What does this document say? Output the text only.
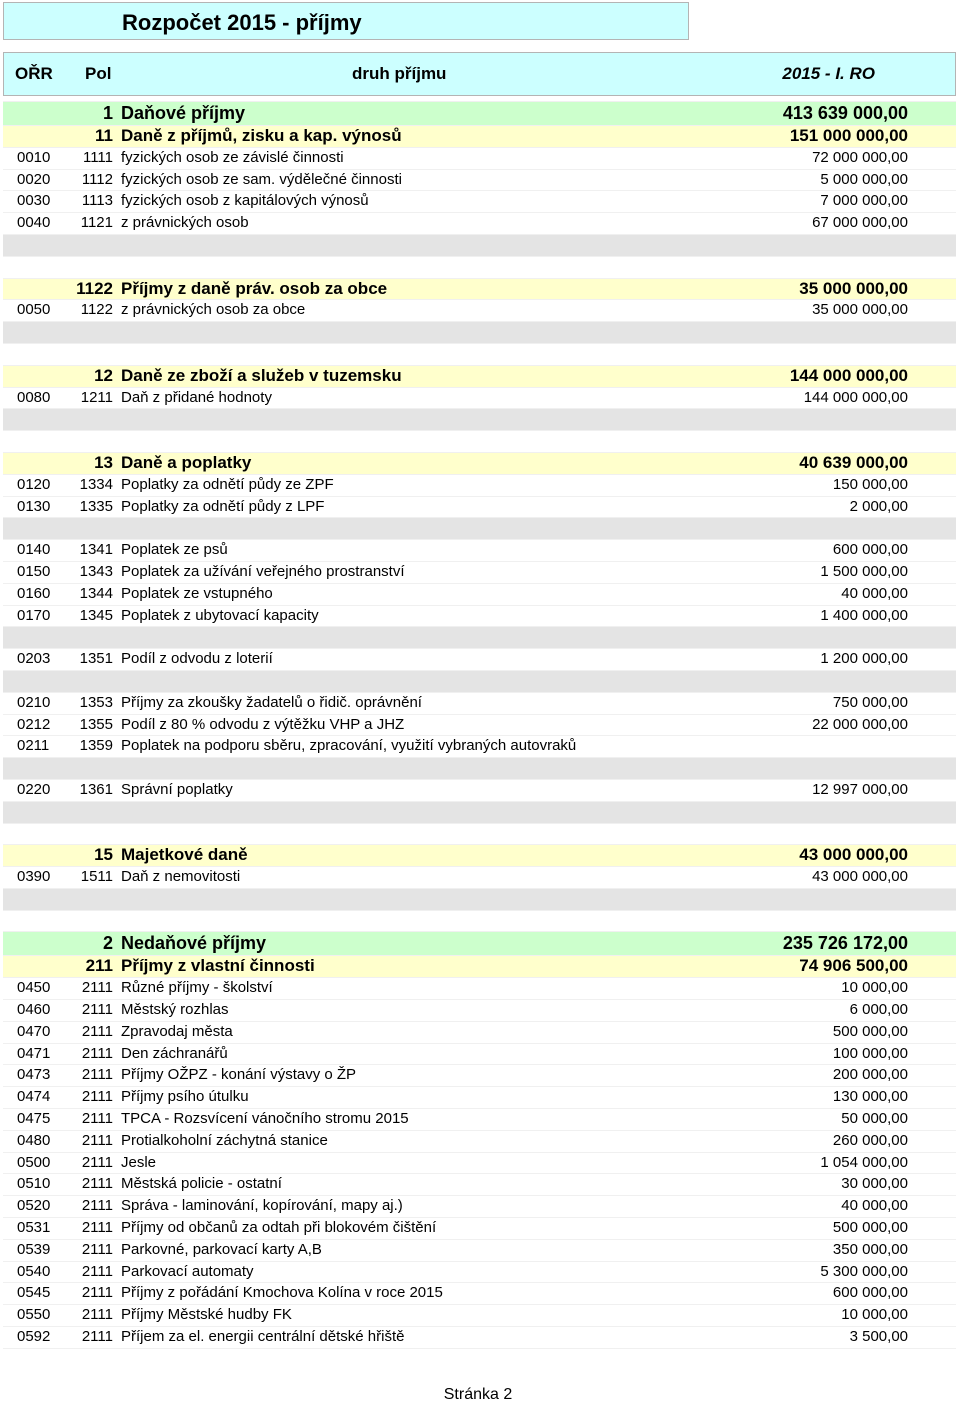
Rozpočet 2015 - příjmy
OŘR Pol	druh příjmu	2015 - I. RO
1 Daňové příjmy	413 639 000,00
11 Daně z příjmů, zisku a kap. výnosů	151 000 000,00
0010	1111 fyzických osob ze závislé činnosti	72 000 000,00
0020	1112 fyzických osob ze sam. výdělečné činnosti	5 000 000,00
0030	1113 fyzických osob z kapitálových výnosů	7 000 000,00
0040	1121 z právnických osob	67 000 000,00
1122 Příjmy z daně práv. osob za obce	35 000 000,00
0050	1122 z právnických osob za obce	35 000 000,00
12 Daně ze zboží a služeb v tuzemsku	144 000 000,00
0080	1211 Daň z přidané hodnoty	144 000 000,00
13 Daně a poplatky	40 639 000,00
0120	1334 Poplatky za odnětí půdy ze ZPF	150 000,00
0130	1335 Poplatky za odnětí půdy z LPF	2 000,00
0140	1341 Poplatek ze psů	600 000,00
0150	1343 Poplatek za užívání veřejného prostranství	1 500 000,00
0160	1344 Poplatek ze vstupného	40 000,00
0170	1345 Poplatek z ubytovací kapacity	1 400 000,00
0203	1351 Podíl z odvodu z loterií	1 200 000,00
0210	1353 Příjmy za zkoušky žadatelů o řidič. oprávnění	750 000,00
0212	1355 Podíl z 80 % odvodu z výtěžku VHP a JHZ	22 000 000,00
0211	1359 Poplatek na podporu sběru, zpracování, využití vybraných autovraků
0220	1361 Správní poplatky	12 997 000,00
15 Majetkové daně	43 000 000,00
0390	1511 Daň z nemovitosti	43 000 000,00
2 Nedaňové příjmy	235 726 172,00
211 Příjmy z vlastní činnosti	74 906 500,00
0450	2111 Různé příjmy - školství	10 000,00
0460	2111 Městský rozhlas	6 000,00
0470	2111 Zpravodaj města	500 000,00
0471	2111 Den záchranářů	100 000,00
0473	2111 Příjmy OŽPZ - konání výstavy o ŽP	200 000,00
0474	2111 Příjmy psího útulku	130 000,00
0475	2111 TPCA - Rozsvícení vánočního stromu 2015	50 000,00
0480	2111 Protialkoholní záchytná stanice	260 000,00
0500	2111 Jesle	1 054 000,00
0510	2111 Městská policie - ostatní	30 000,00
0520	2111 Správa - laminování, kopírování, mapy aj.)	40 000,00
0531	2111 Příjmy od občanů za odtah při blokovém čištění	500 000,00
0539	2111 Parkovné, parkovací karty A,B	350 000,00
0540	2111 Parkovací automaty	5 300 000,00
0545	2111 Příjmy z pořádání Kmochova Kolína v roce 2015	600 000,00
0550	2111 Příjmy Městské hudby FK	10 000,00
0592	2111 Příjem za el. energii centrální dětské hřiště	3 500,00
Stránka 2
